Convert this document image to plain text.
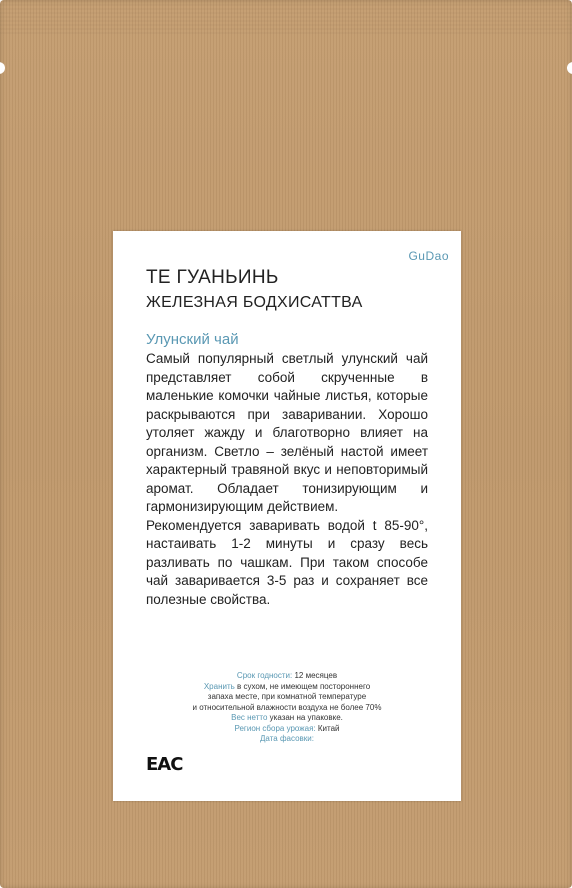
GuDao
ТЕ ГУАНЬИНЬ
ЖЕЛЕЗНАЯ БОДХИСАТТВА
Улунский чай

Самый популярный светлый улунский чай представляет собой скрученные в маленькие комочки чайные листья, которые раскрываются при заваривании. Хорошо утоляет жажду и благотворно влияет на организм. Светло – зелёный настой имеет характерный травяной вкус и неповторимый аромат. Обладает тонизирующим и гармонизирующим действием.

Рекомендуется заваривать водой t 85-90°, настаивать 1-2 минуты и сразу весь разливать по чашкам. При таком способе чай заваривается 3-5 раз и сохраняет все полезные свойства.

Срок годности: 12 месяцев
Хранить в сухом, не имеющем постороннего
запаха месте, при комнатной температуре
и относительной влажности воздуха не более 70%
Вес нетто указан на упаковке.
Регион сбора урожая: Китай
Дата фасовки:
EAC
